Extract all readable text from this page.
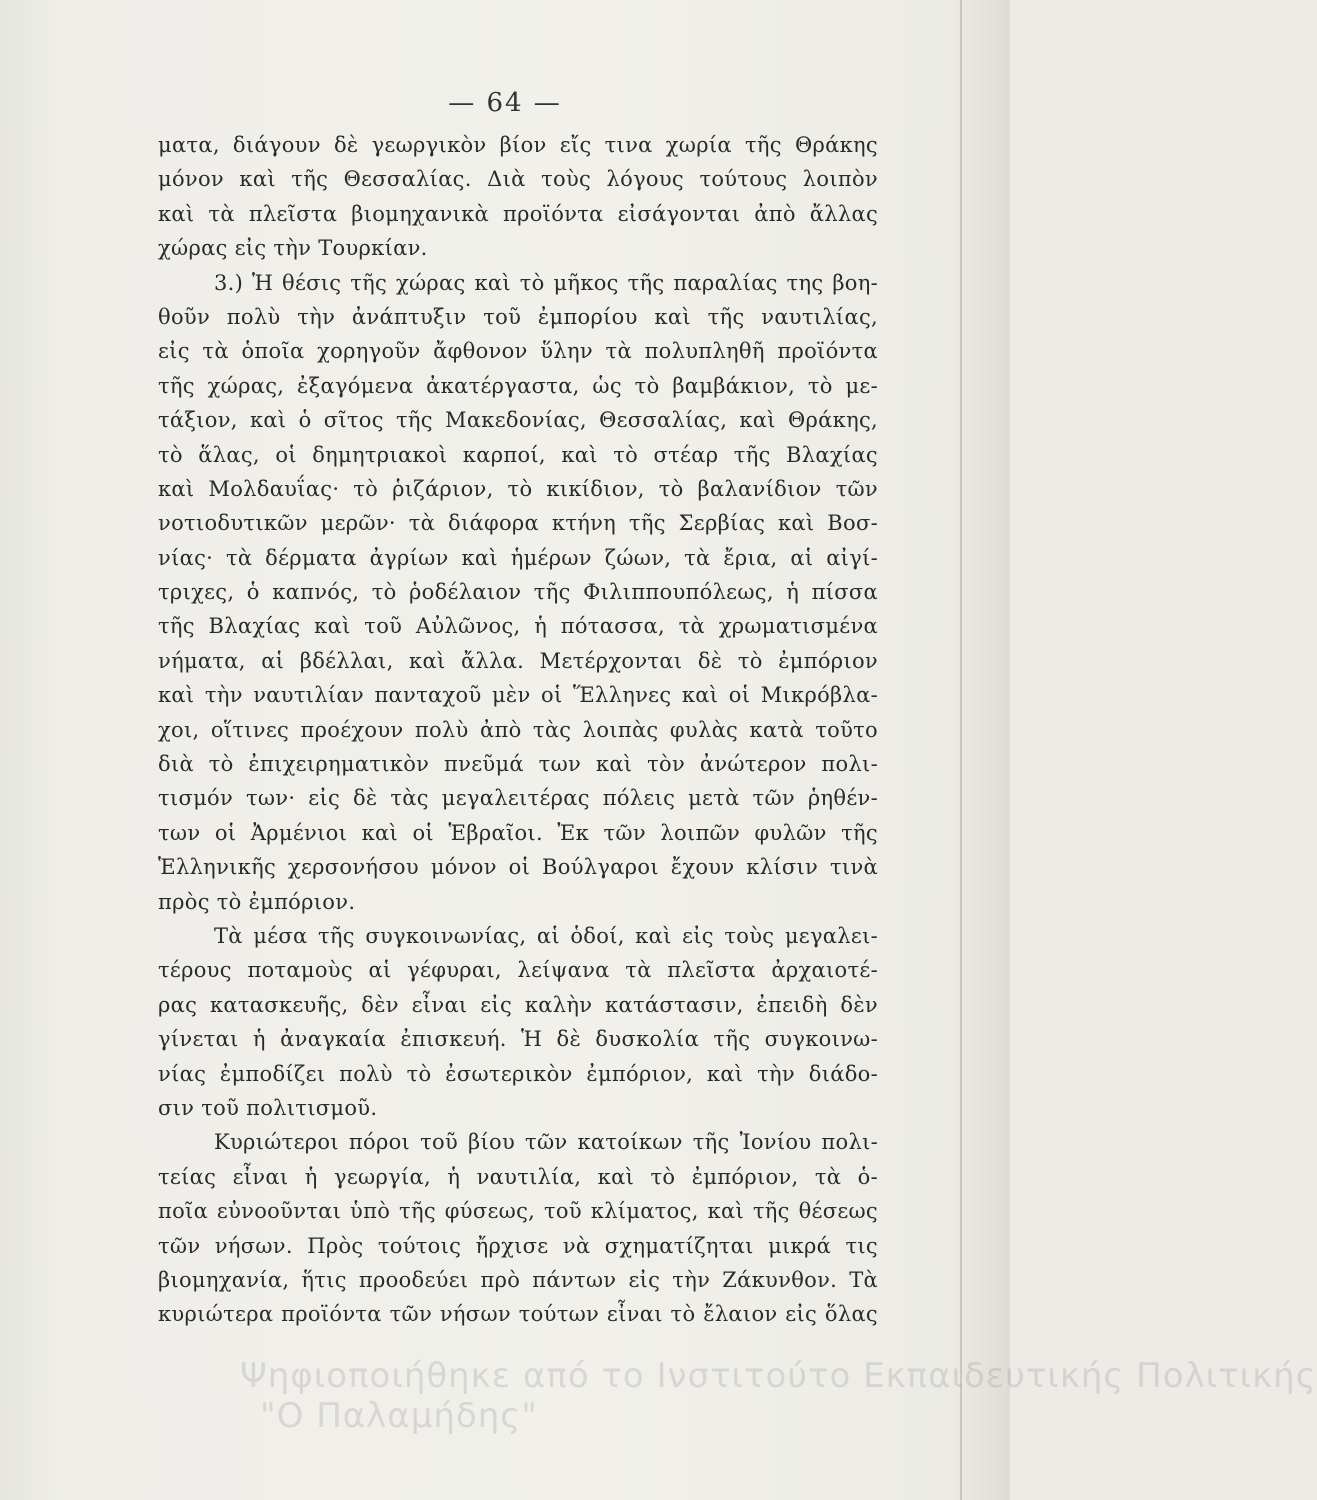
— 64 —
ματα, διάγουν δὲ γεωργικὸν βίον εἴς τινα χωρία τῆς Θράκης
μόνον καὶ τῆς Θεσσαλίας. Διὰ τοὺς λόγους τούτους λοιπὸν
καὶ τὰ πλεῖστα βιομηχανικὰ προϊόντα εἰσάγονται ἀπὸ ἄλλας
χώρας εἰς τὴν Τουρκίαν.
3.) Ἡ θέσις τῆς χώρας καὶ τὸ μῆκος τῆς παραλίας της βοη-
θοῦν πολὺ τὴν ἀνάπτυξιν τοῦ ἐμπορίου καὶ τῆς ναυτιλίας,
εἰς τὰ ὁποῖα χορηγοῦν ἄφθονον ὕλην τὰ πολυπληθῆ προϊόντα
τῆς χώρας, ἐξαγόμενα ἀκατέργαστα, ὡς τὸ βαμβάκιον, τὸ με-
τάξιον, καὶ ὁ σῖτος τῆς Μακεδονίας, Θεσσαλίας, καὶ Θράκης,
τὸ ἅλας, οἱ δημητριακοὶ καρποί, καὶ τὸ στέαρ τῆς Βλαχίας
καὶ Μολδαυΐας· τὸ ῥιζάριον, τὸ κικίδιον, τὸ βαλανίδιον τῶν
νοτιοδυτικῶν μερῶν· τὰ διάφορα κτήνη τῆς Σερβίας καὶ Βοσ-
νίας· τὰ δέρματα ἀγρίων καὶ ἡμέρων ζώων, τὰ ἔρια, αἱ αἰγί-
τριχες, ὁ καπνός, τὸ ῥοδέλαιον τῆς Φιλιππουπόλεως, ἡ πίσσα
τῆς Βλαχίας καὶ τοῦ Αὐλῶνος, ἡ πότασσα, τὰ χρωματισμένα
νήματα, αἱ βδέλλαι, καὶ ἄλλα. Μετέρχονται δὲ τὸ ἐμπόριον
καὶ τὴν ναυτιλίαν πανταχοῦ μὲν οἱ Ἕλληνες καὶ οἱ Μικρόβλα-
χοι, οἵτινες προέχουν πολὺ ἀπὸ τὰς λοιπὰς φυλὰς κατὰ τοῦτο
διὰ τὸ ἐπιχειρηματικὸν πνεῦμά των καὶ τὸν ἀνώτερον πολι-
τισμόν των· εἰς δὲ τὰς μεγαλειτέρας πόλεις μετὰ τῶν ῥηθέν-
των οἱ Ἀρμένιοι καὶ οἱ Ἑβραῖοι. Ἐκ τῶν λοιπῶν φυλῶν τῆς
Ἑλληνικῆς χερσονήσου μόνον οἱ Βούλγαροι ἔχουν κλίσιν τινὰ
πρὸς τὸ ἐμπόριον.
Τὰ μέσα τῆς συγκοινωνίας, αἱ ὁδοί, καὶ εἰς τοὺς μεγαλει-
τέρους ποταμοὺς αἱ γέφυραι, λείψανα τὰ πλεῖστα ἀρχαιοτέ-
ρας κατασκευῆς, δὲν εἶναι εἰς καλὴν κατάστασιν, ἐπειδὴ δὲν
γίνεται ἡ ἀναγκαία ἐπισκευή. Ἡ δὲ δυσκολία τῆς συγκοινω-
νίας ἐμποδίζει πολὺ τὸ ἐσωτερικὸν ἐμπόριον, καὶ τὴν διάδο-
σιν τοῦ πολιτισμοῦ.
Κυριώτεροι πόροι τοῦ βίου τῶν κατοίκων τῆς Ἰονίου πολι-
τείας εἶναι ἡ γεωργία, ἡ ναυτιλία, καὶ τὸ ἐμπόριον, τὰ ὁ-
ποῖα εὐνοοῦνται ὑπὸ τῆς φύσεως, τοῦ κλίματος, καὶ τῆς θέσεως
τῶν νήσων. Πρὸς τούτοις ἤρχισε νὰ σχηματίζηται μικρά τις
βιομηχανία, ἥτις προοδεύει πρὸ πάντων εἰς τὴν Ζάκυνθον. Τὰ
κυριώτερα προϊόντα τῶν νήσων τούτων εἶναι τὸ ἔλαιον εἰς ὅλας
Ψηφιοποιήθηκε από το Ινστιτούτο Εκπαιδευτικής Πολιτικής
"Ο Παλαμήδης"
